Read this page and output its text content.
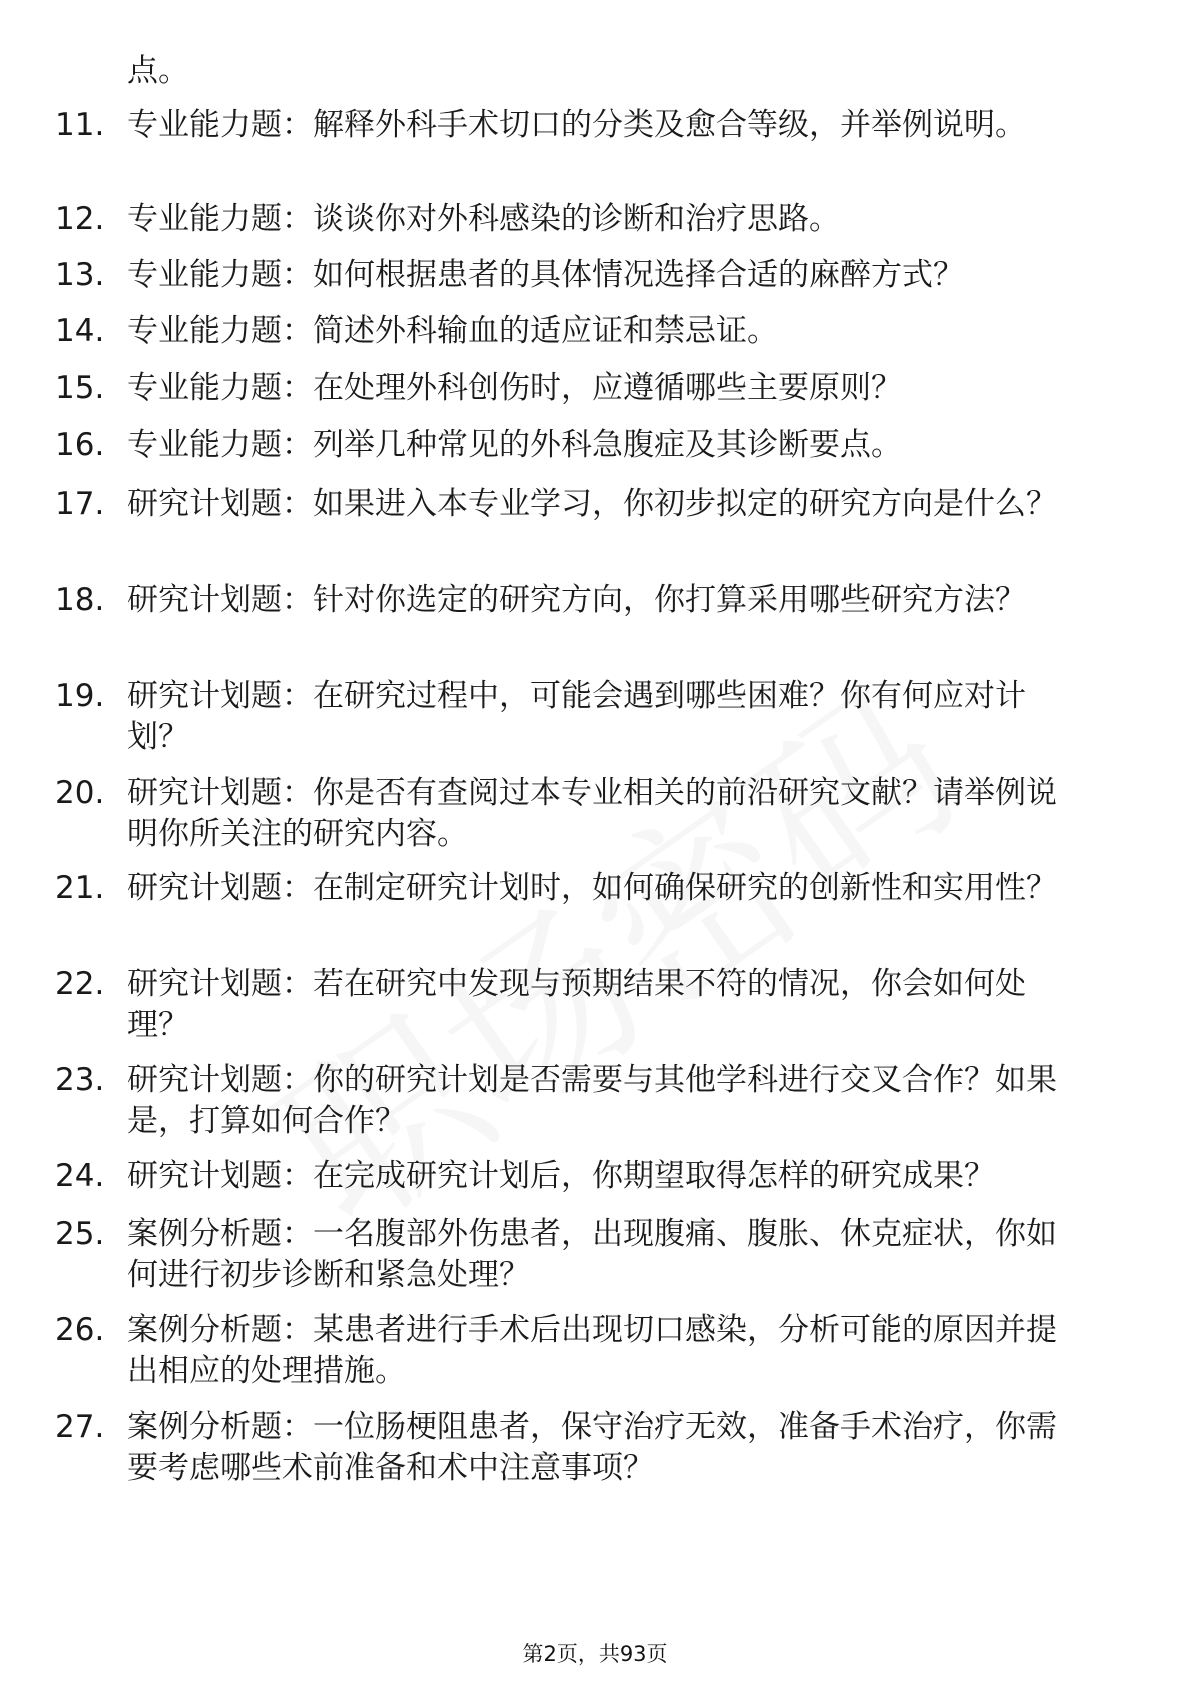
点。

11. 专业能力题：解释外科手术切口的分类及愈合等级，并举例说明。
12. 专业能力题：谈谈你对外科感染的诊断和治疗思路。
13. 专业能力题：如何根据患者的具体情况选择合适的麻醉方式？
14. 专业能力题：简述外科输血的适应证和禁忌证。
15. 专业能力题：在处理外科创伤时，应遵循哪些主要原则？
16. 专业能力题：列举几种常见的外科急腹症及其诊断要点。
17. 研究计划题：如果进入本专业学习，你初步拟定的研究方向是什么？
18. 研究计划题：针对你选定的研究方向，你打算采用哪些研究方法？
19. 研究计划题：在研究过程中，可能会遇到哪些困难？你有何应对计划？
20. 研究计划题：你是否有查阅过本专业相关的前沿研究文献？请举例说明你所关注的研究内容。
21. 研究计划题：在制定研究计划时，如何确保研究的创新性和实用性？
22. 研究计划题：若在研究中发现与预期结果不符的情况，你会如何处理？
23. 研究计划题：你的研究计划是否需要与其他学科进行交叉合作？如果是，打算如何合作？
24. 研究计划题：在完成研究计划后，你期望取得怎样的研究成果？
25. 案例分析题：一名腹部外伤患者，出现腹痛、腹胀、休克症状，你如何进行初步诊断和紧急处理？
26. 案例分析题：某患者进行手术后出现切口感染，分析可能的原因并提出相应的处理措施。
27. 案例分析题：一位肠梗阻患者，保守治疗无效，准备手术治疗，你需要考虑哪些术前准备和术中注意事项？
第2页，共93页
